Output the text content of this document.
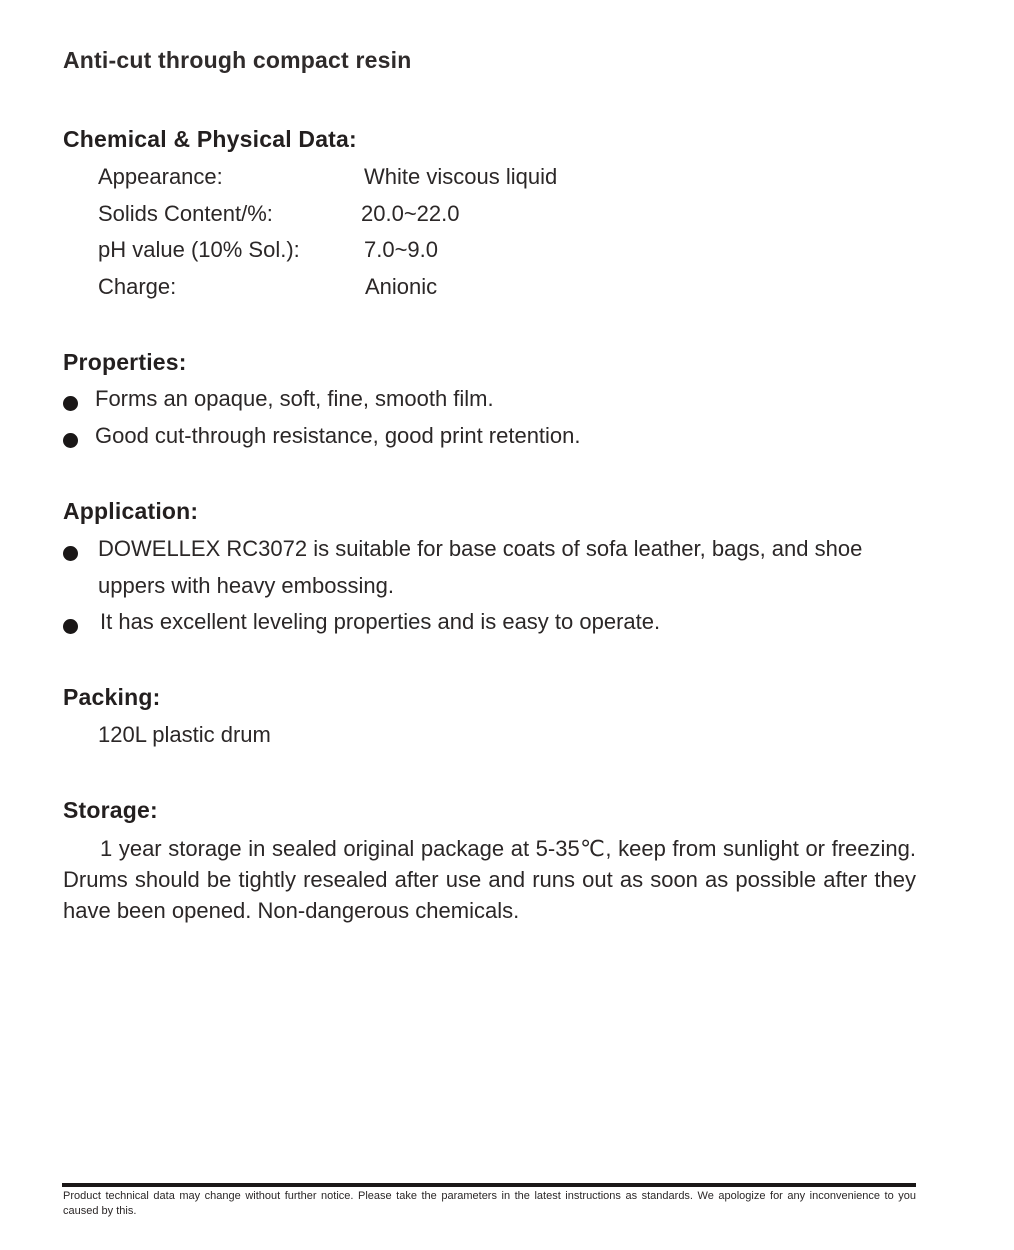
Anti-cut through compact resin
Chemical & Physical Data:
Appearance:	White viscous liquid
Solids Content/%:	20.0~22.0
pH value (10% Sol.):	7.0~9.0
Charge:	Anionic
Properties:
Forms an opaque, soft, fine, smooth film.
Good cut-through resistance, good print retention.
Application:
DOWELLEX RC3072 is suitable for base coats of sofa leather, bags, and shoe
uppers with heavy embossing.
It has excellent leveling properties and is easy to operate.
Packing:
120L plastic drum
Storage:
1 year storage in sealed original package at 5-35℃, keep from sunlight or freezing. Drums should be tightly resealed after use and runs out as soon as possible after they have been opened. Non-dangerous chemicals.
Product technical data may change without further notice. Please take the parameters in the latest instructions as standards. We apologize for any inconvenience to you caused by this.
